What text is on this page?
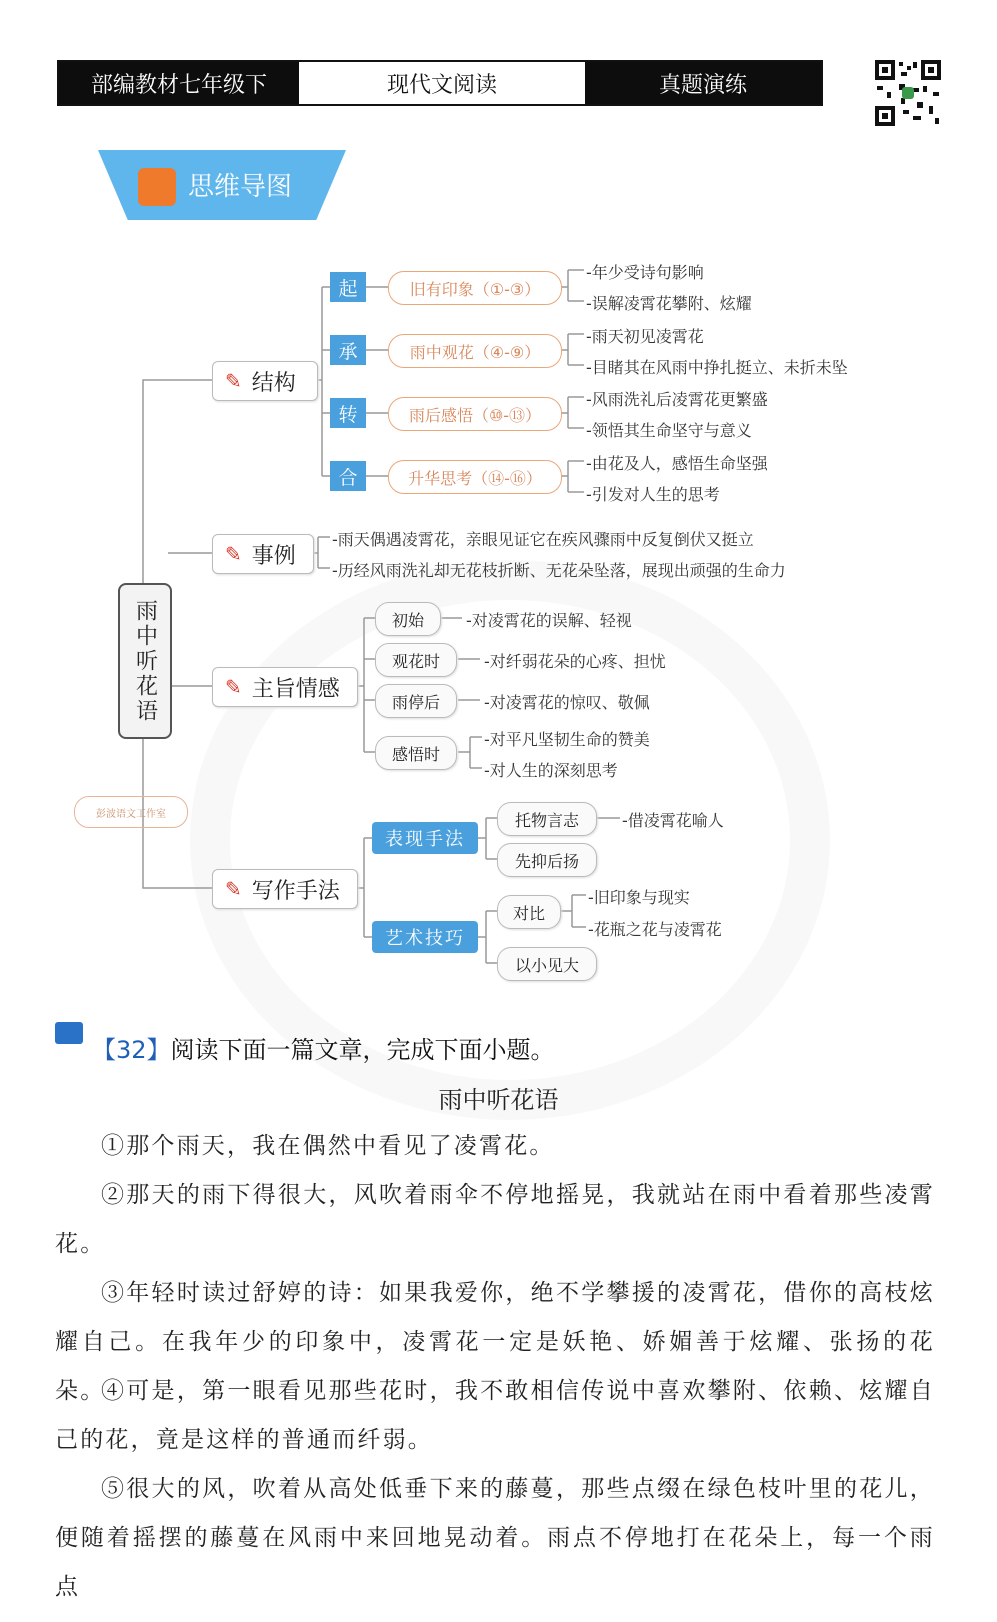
部编教材七年级下	现代文阅读	真题演练
思维导图
雨中听花语
彭波语文工作室
✎ 结构
起
承
转
合
旧有印象（①-③）
雨中观花（④-⑨）
雨后感悟（⑩-⑬）
升华思考（⑭-⑯）
-年少受诗句影响
-误解凌霄花攀附、炫耀
-雨天初见凌霄花
-目睹其在风雨中挣扎挺立、未折未坠
-风雨洗礼后凌霄花更繁盛
-领悟其生命坚守与意义
-由花及人，感悟生命坚强
-引发对人生的思考
✎ 事例
-雨天偶遇凌霄花，亲眼见证它在疾风骤雨中反复倒伏又挺立
-历经风雨洗礼却无花枝折断、无花朵坠落，展现出顽强的生命力
✎ 主旨情感
初始
观花时
雨停后
感悟时
-对凌霄花的误解、轻视
-对纤弱花朵的心疼、担忧
-对凌霄花的惊叹、敬佩
-对平凡坚韧生命的赞美
-对人生的深刻思考
✎ 写作手法
表现手法
艺术技巧
托物言志
先抑后扬
-借凌霄花喻人
对比
以小见大
-旧印象与现实
-花瓶之花与凌霄花
【32】阅读下面一篇文章，完成下面小题。
雨中听花语
①那个雨天，我在偶然中看见了凌霄花。
②那天的雨下得很大，风吹着雨伞不停地摇晃，我就站在雨中看着那些凌霄花。
③年轻时读过舒婷的诗：如果我爱你，绝不学攀援的凌霄花，借你的高枝炫耀自己。在我年少的印象中，凌霄花一定是妖艳、娇媚善于炫耀、张扬的花朵。
④可是，第一眼看见那些花时，我不敢相信传说中喜欢攀附、依赖、炫耀自己的花，竟是这样的普通而纤弱。
⑤很大的风，吹着从高处低垂下来的藤蔓，那些点缀在绿色枝叶里的花儿，便随着摇摆的藤蔓在风雨中来回地晃动着。雨点不停地打在花朵上，每一个雨点
